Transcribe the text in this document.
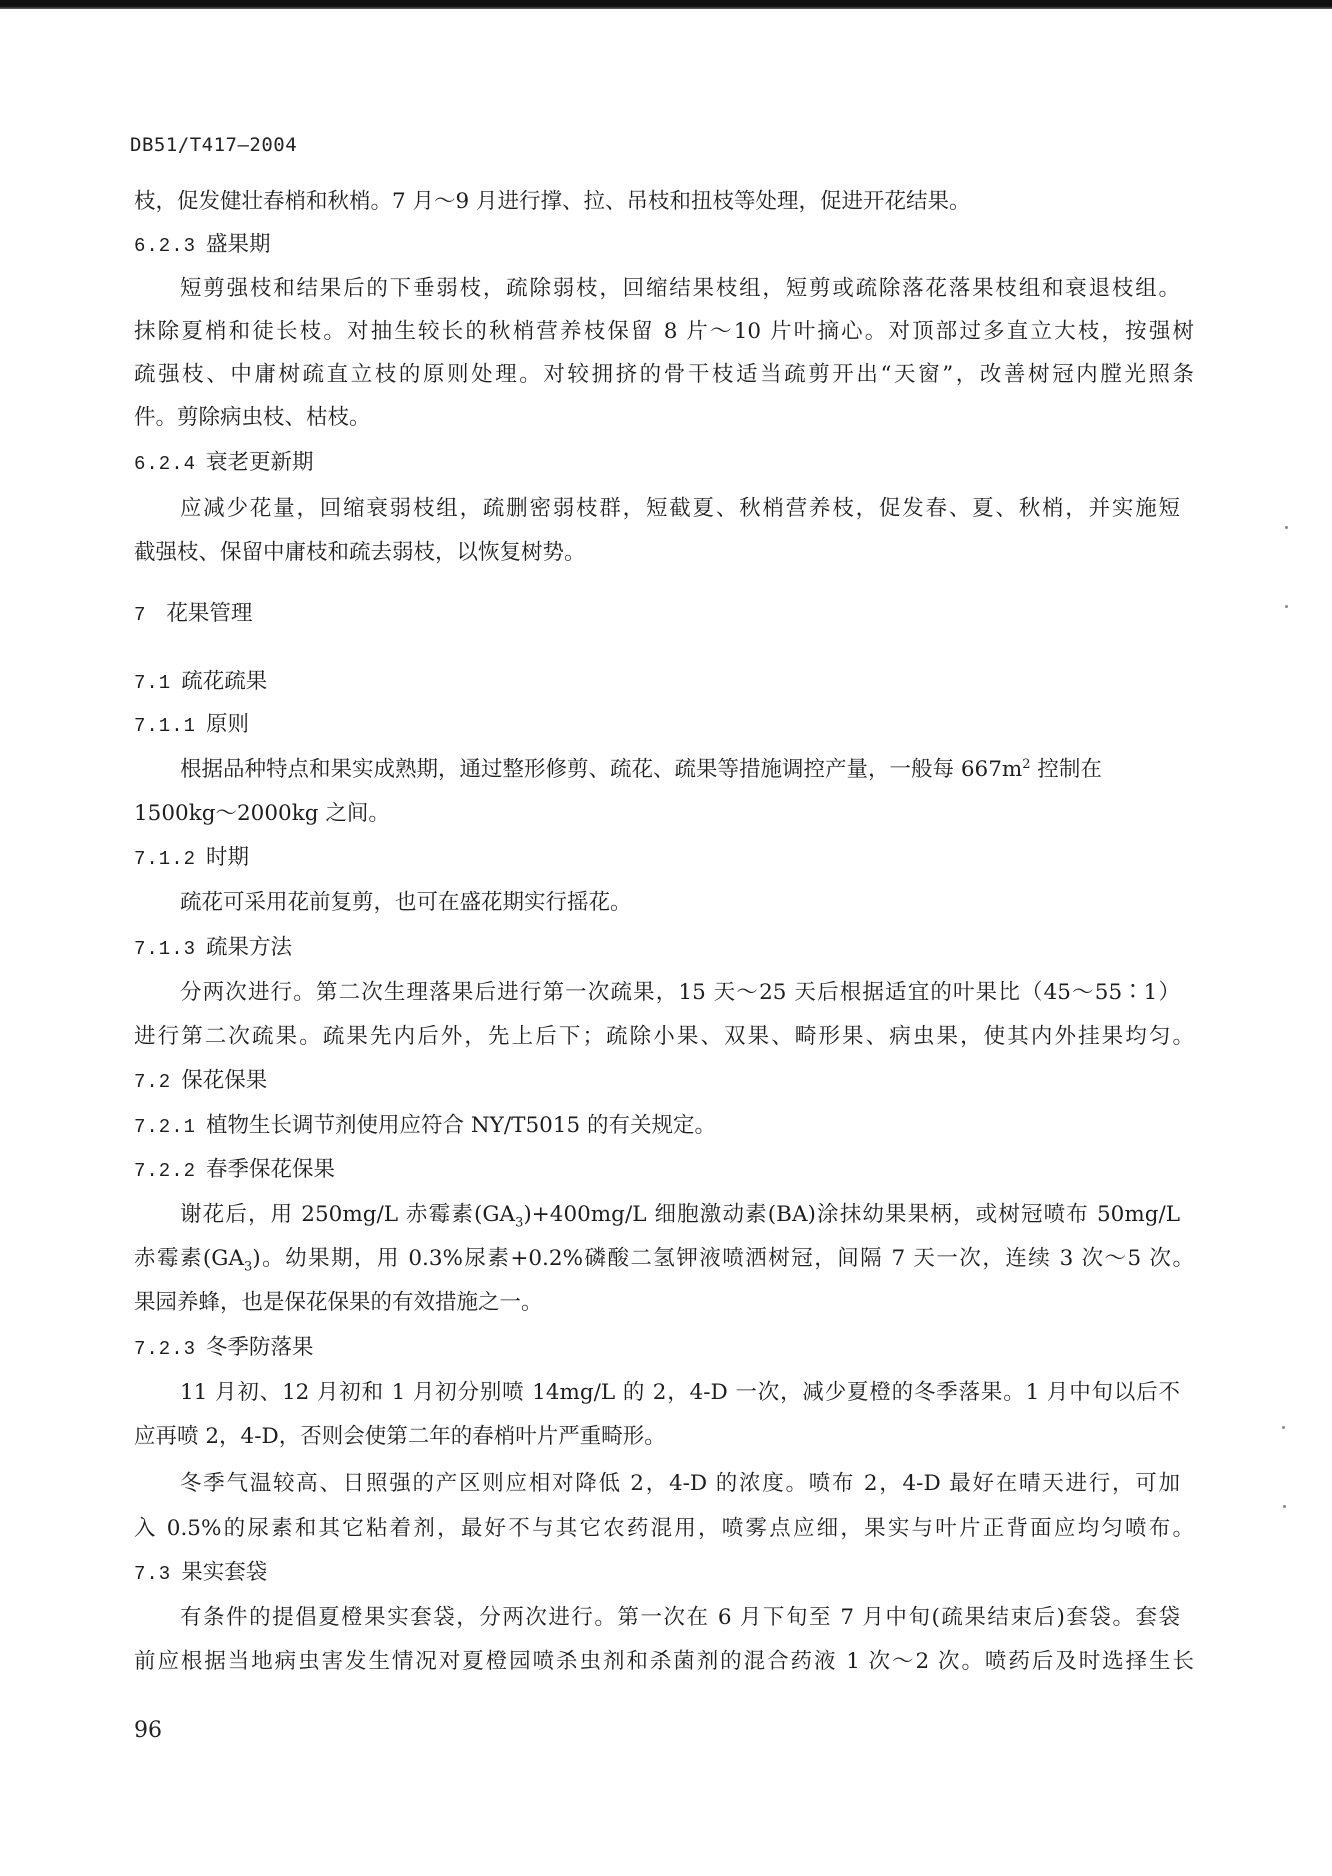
DB51/T417—2004
枝，促发健壮春梢和秋梢。7 月～9 月进行撑、拉、吊枝和扭枝等处理，促进开花结果。
6.2.3 盛果期
短剪强枝和结果后的下垂弱枝，疏除弱枝，回缩结果枝组，短剪或疏除落花落果枝组和衰退枝组。
抹除夏梢和徒长枝。对抽生较长的秋梢营养枝保留 8 片～10 片叶摘心。对顶部过多直立大枝，按强树
疏强枝、中庸树疏直立枝的原则处理。对较拥挤的骨干枝适当疏剪开出“天窗”，改善树冠内膛光照条
件。剪除病虫枝、枯枝。
6.2.4 衰老更新期
应减少花量，回缩衰弱枝组，疏删密弱枝群，短截夏、秋梢营养枝，促发春、夏、秋梢，并实施短
截强枝、保留中庸枝和疏去弱枝，以恢复树势。
7 花果管理
7.1 疏花疏果
7.1.1 原则
根据品种特点和果实成熟期，通过整形修剪、疏花、疏果等措施调控产量，一般每 $667m^2$ 控制在
1500kg～2000kg 之间。
7.1.2 时期
疏花可采用花前复剪，也可在盛花期实行摇花。
7.1.3 疏果方法
分两次进行。第二次生理落果后进行第一次疏果，15 天～25 天后根据适宜的叶果比（45～55∶1）
进行第二次疏果。疏果先内后外，先上后下；疏除小果、双果、畸形果、病虫果，使其内外挂果均匀。
7.2 保花保果
7.2.1 植物生长调节剂使用应符合 NY/T5015 的有关规定。
7.2.2 春季保花保果
谢花后，用 250mg/L 赤霉素$(GA_3)+400mg/L$ 细胞激动素(BA)涂抹幼果果柄，或树冠喷布 50mg/L
赤霉素$(GA_3)$。幼果期，用 0.3%尿素+0.2%磷酸二氢钾液喷洒树冠，间隔 7 天一次，连续 3 次～5 次。
果园养蜂，也是保花保果的有效措施之一。
7.2.3 冬季防落果
11 月初、12 月初和 1 月初分别喷 14mg/L 的 2，4-D 一次，减少夏橙的冬季落果。1 月中旬以后不
应再喷 2，4-D，否则会使第二年的春梢叶片严重畸形。
冬季气温较高、日照强的产区则应相对降低 2，4-D 的浓度。喷布 2，4-D 最好在晴天进行，可加
入 0.5%的尿素和其它粘着剂，最好不与其它农药混用，喷雾点应细，果实与叶片正背面应均匀喷布。
7.3 果实套袋
有条件的提倡夏橙果实套袋，分两次进行。第一次在 6 月下旬至 7 月中旬(疏果结束后)套袋。套袋
前应根据当地病虫害发生情况对夏橙园喷杀虫剂和杀菌剂的混合药液 1 次～2 次。喷药后及时选择生长
96
